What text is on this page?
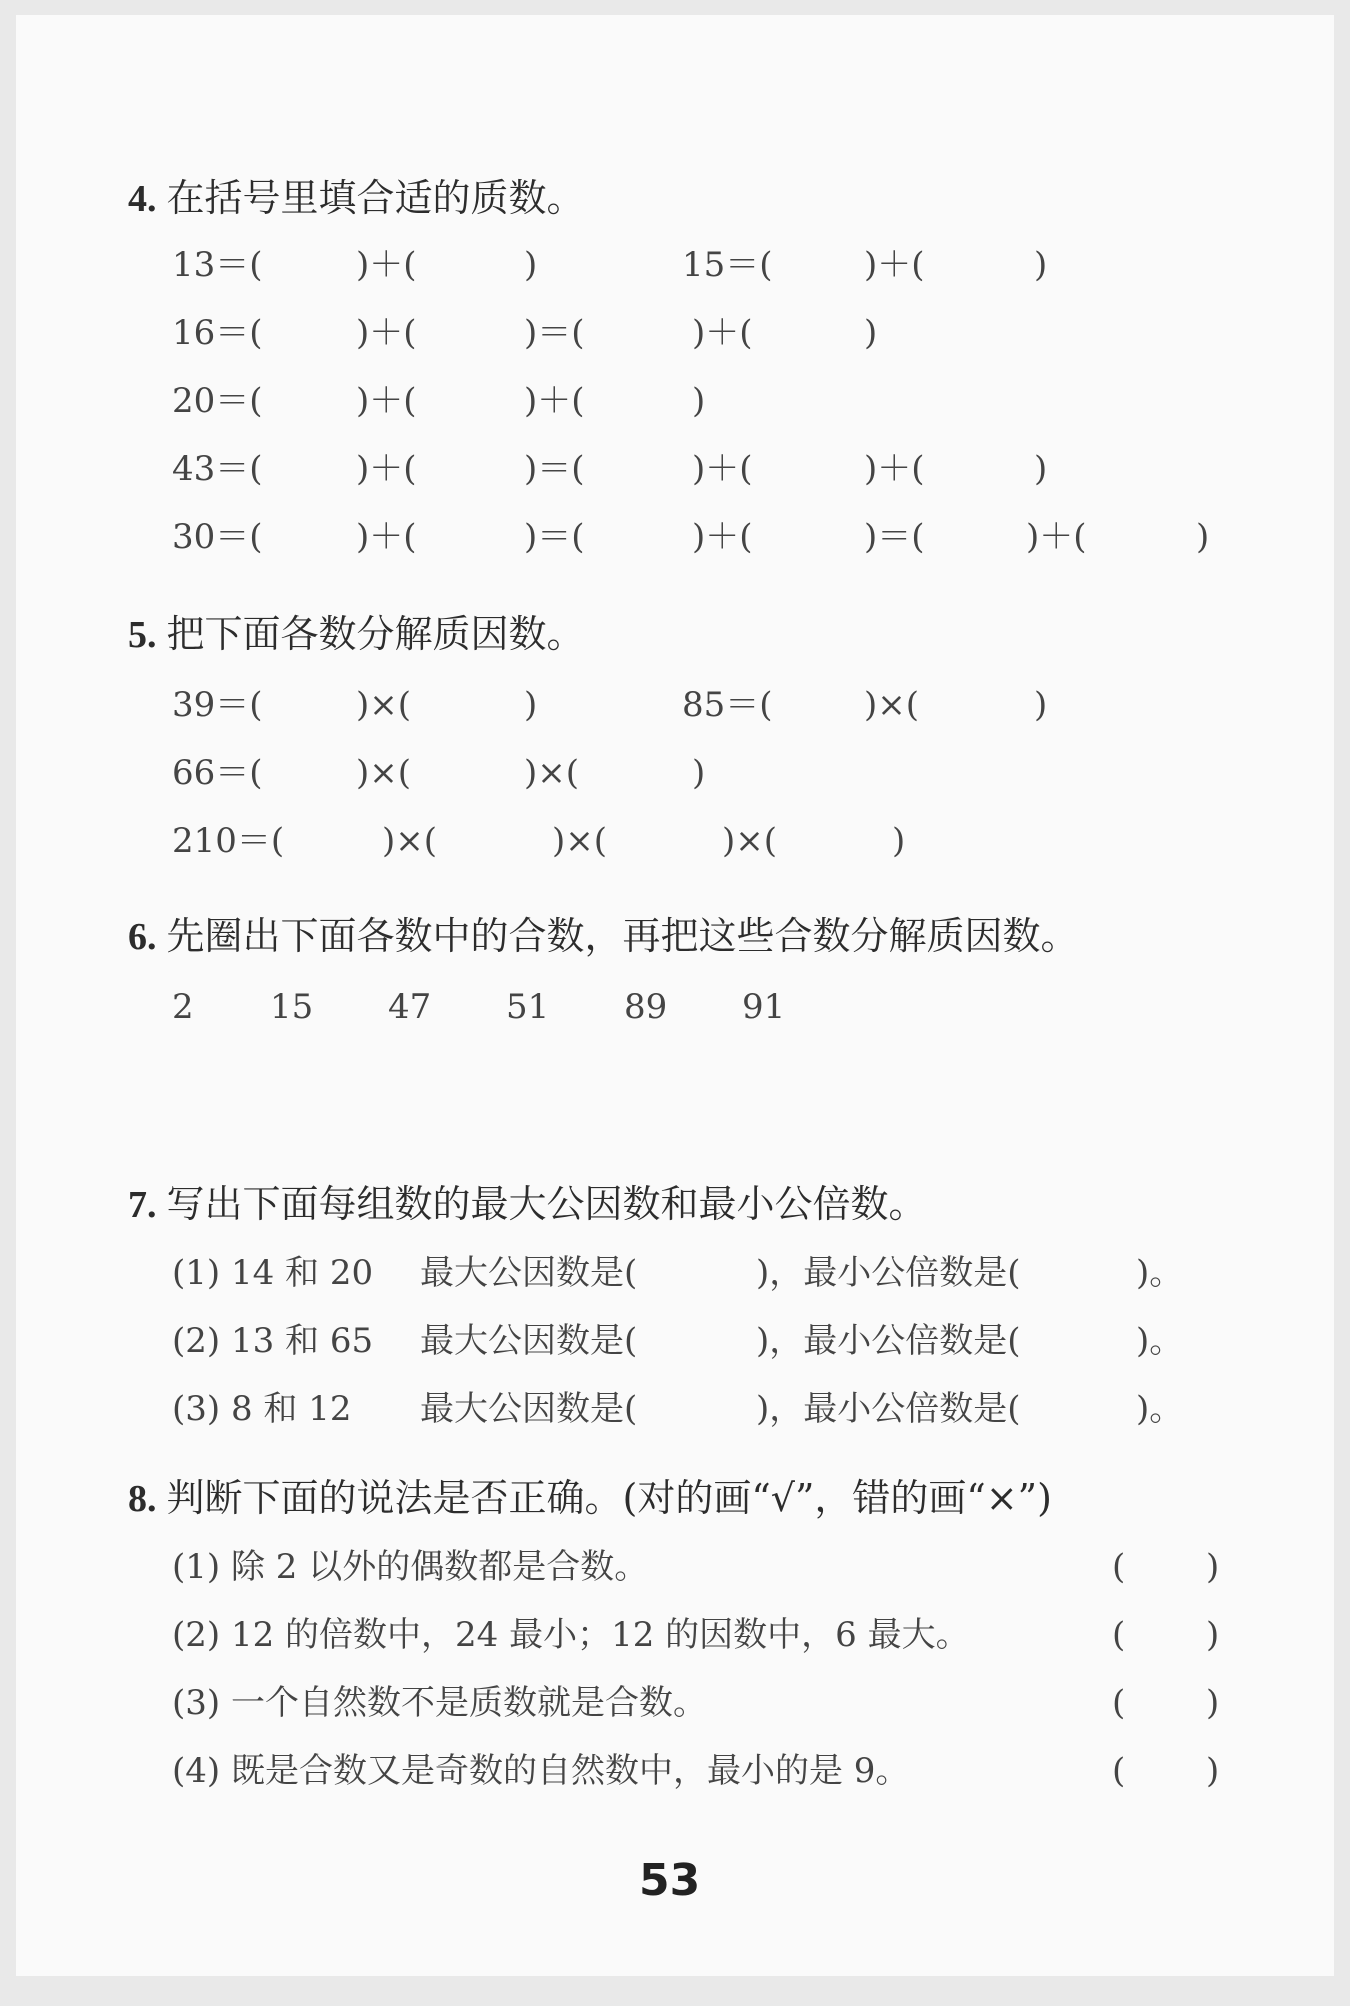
4. 在括号里填合适的质数。
13＝(	)＋(	)	15＝(	)＋(	)
16＝(	)＋(	)＝(	)＋(	)
20＝(	)＋(	)＋(	)
43＝(	)＋(	)＝(	)＋(	)＋(	)
30＝(	)＋(	)＝(	)＋(	)＝(	)＋(	)
5. 把下面各数分解质因数。
39＝(	)×(	)	85＝(	)×(	)
66＝(	)×(	)×(	)
210＝(	)×(	)×(	)×(	)
6. 先圈出下面各数中的合数，再把这些合数分解质因数。
2 15 47 51 89 91
7. 写出下面每组数的最大公因数和最小公倍数。
(1) 14 和 20 最大公因数是(	)，最小公倍数是(	)。
(2) 13 和 65 最大公因数是(	)，最小公倍数是(	)。
(3) 8 和 12 最大公因数是(	)，最小公倍数是(	)。
8. 判断下面的说法是否正确。(对的画“√”，错的画“×”)
(1) 除 2 以外的偶数都是合数。	( )
(2) 12 的倍数中，24 最小；12 的因数中，6 最大。	( )
(3) 一个自然数不是质数就是合数。	( )
(4) 既是合数又是奇数的自然数中，最小的是 9。	( )
53
